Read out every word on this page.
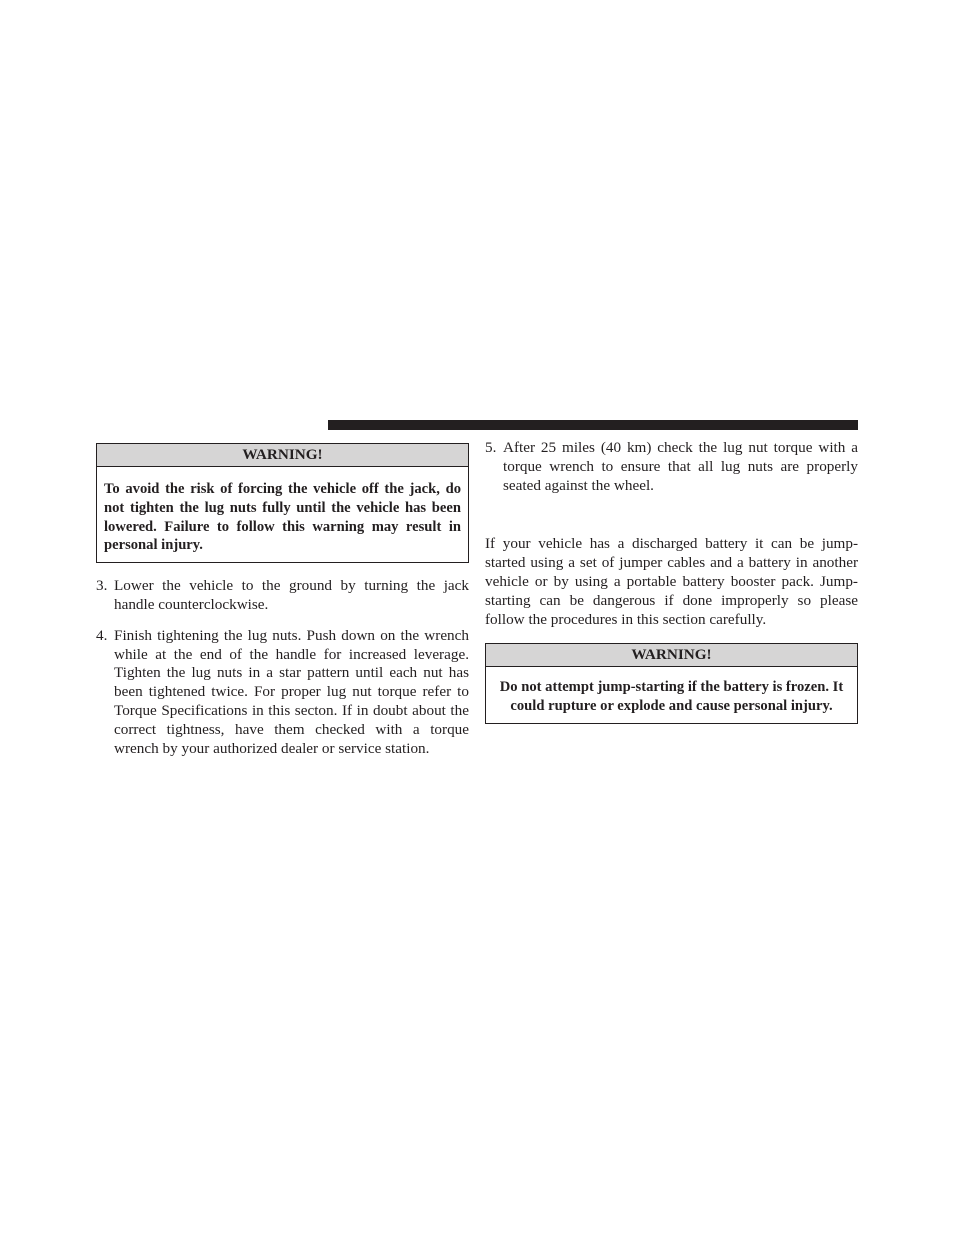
WARNING!
To avoid the risk of forcing the vehicle off the jack, do not tighten the lug nuts fully until the vehicle has been lowered. Failure to follow this warning may result in personal injury.
3. Lower the vehicle to the ground by turning the jack handle counterclockwise.
4. Finish tightening the lug nuts. Push down on the wrench while at the end of the handle for increased leverage. Tighten the lug nuts in a star pattern until each nut has been tightened twice. For proper lug nut torque refer to Torque Specifications in this secton. If in doubt about the correct tightness, have them checked with a torque wrench by your authorized dealer or service station.
5. After 25 miles (40 km) check the lug nut torque with a torque wrench to ensure that all lug nuts are properly seated against the wheel.
If your vehicle has a discharged battery it can be jump-started using a set of jumper cables and a battery in another vehicle or by using a portable battery booster pack. Jump-starting can be dangerous if done improperly so please follow the procedures in this section carefully.
WARNING!
Do not attempt jump-starting if the battery is frozen. It could rupture or explode and cause personal injury.
